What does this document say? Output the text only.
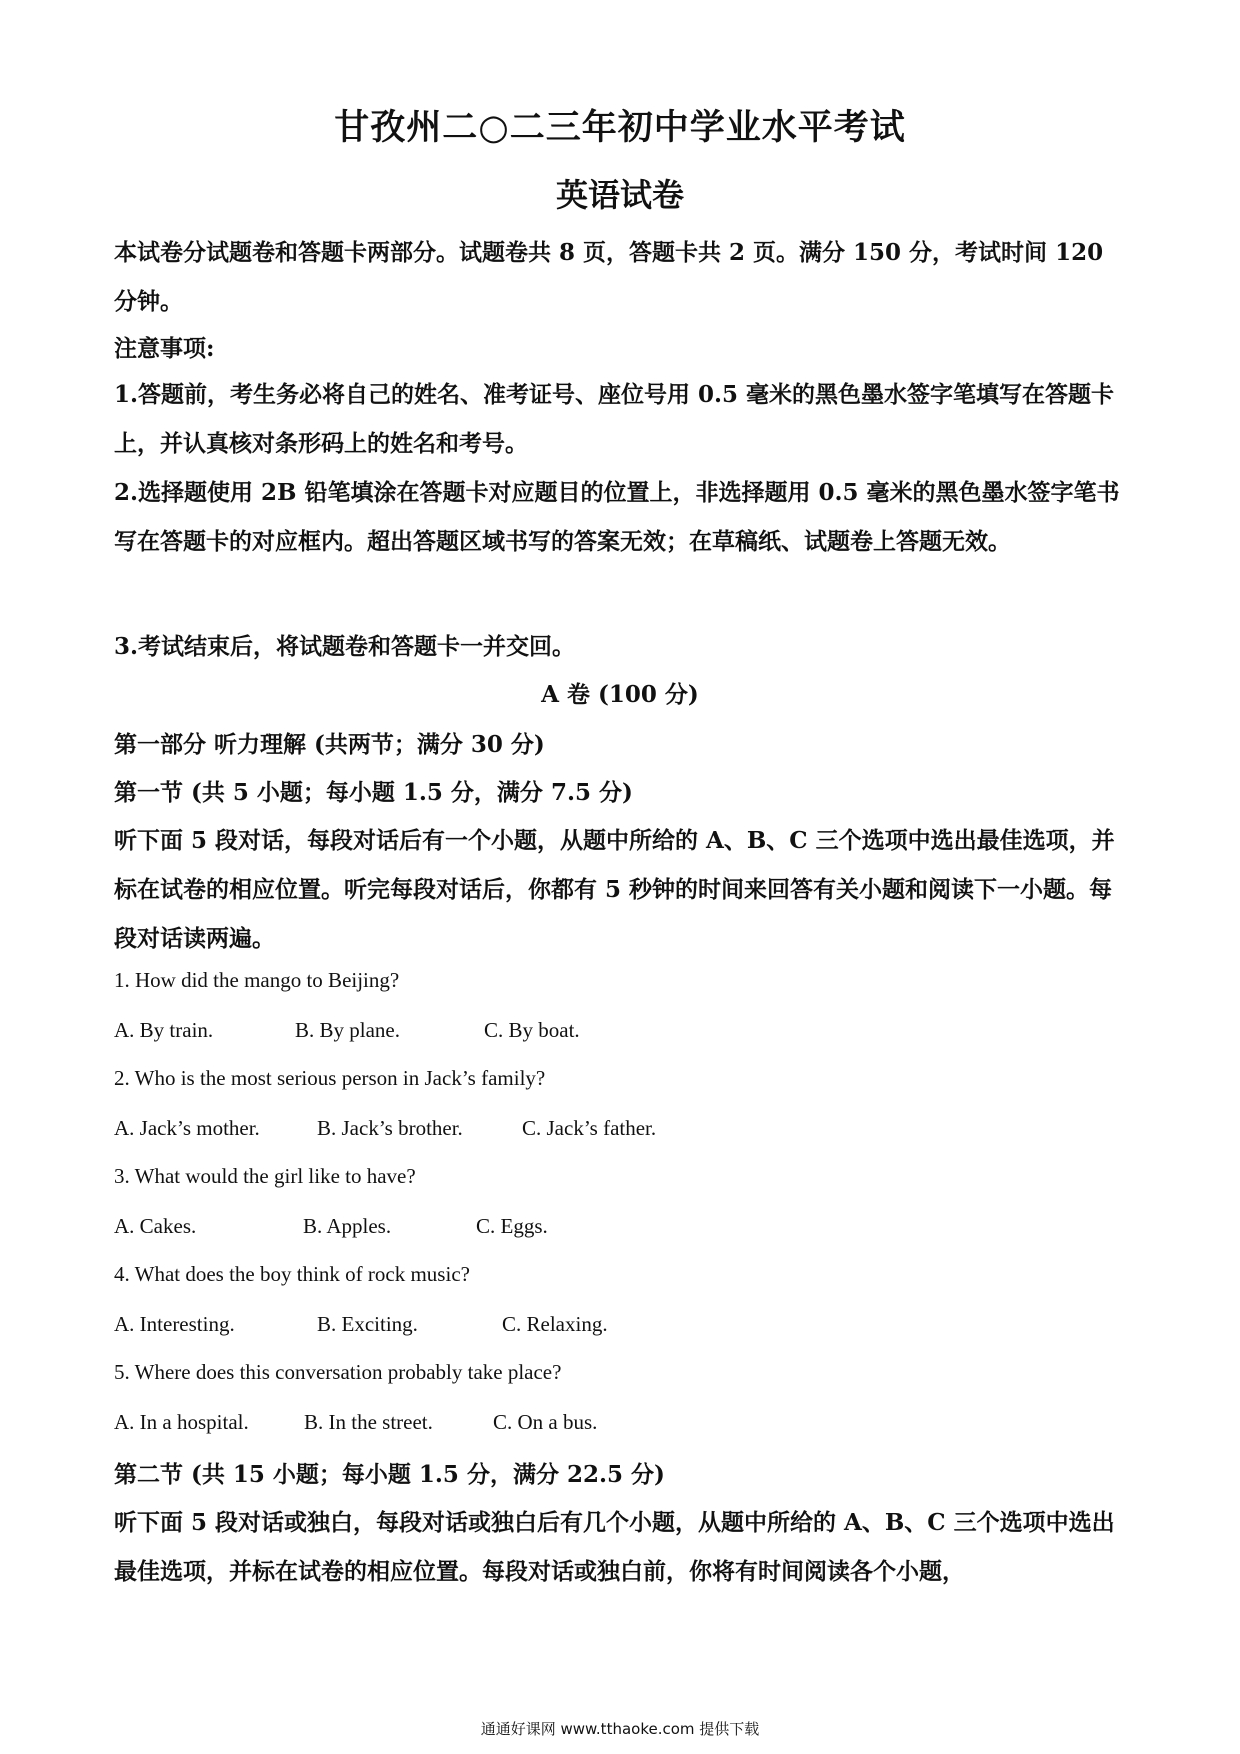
甘孜州二○二三年初中学业水平考试
英语试卷

本试卷分试题卷和答题卡两部分。试题卷共 8 页，答题卡共 2 页。满分 150 分，考试时间 120 分钟。

注意事项:

1.答题前，考生务必将自己的姓名、准考证号、座位号用 0.5 毫米的黑色墨水签字笔填写在答题卡上，并认真核对条形码上的姓名和考号。

2.选择题使用 2B 铅笔填涂在答题卡对应题目的位置上，非选择题用 0.5 毫米的黑色墨水签字笔书写在答题卡的对应框内。超出答题区域书写的答案无效；在草稿纸、试题卷上答题无效。

3.考试结束后，将试题卷和答题卡一并交回。
A 卷 (100 分)
第一部分 听力理解 (共两节；满分 30 分)
第一节 (共 5 小题；每小题 1.5 分，满分 7.5 分)

听下面 5 段对话，每段对话后有一个小题，从题中所给的 A、B、C 三个选项中选出最佳选项，并标在试卷的相应位置。听完每段对话后，你都有 5 秒钟的时间来回答有关小题和阅读下一小题。每段对话读两遍。

1. How did the mango to Beijing?
A. By train.	B. By plane.	C. By boat.
2. Who is the most serious person in Jack’s family?
A. Jack’s mother.	B. Jack’s brother.	C. Jack’s father.
3. What would the girl like to have?
A. Cakes.	B. Apples.	C. Eggs.
4. What does the boy think of rock music?
A. Interesting.	B. Exciting.	C. Relaxing.
5. Where does this conversation probably take place?
A. In a hospital.	B. In the street.	C. On a bus.
第二节 (共 15 小题；每小题 1.5 分，满分 22.5 分)

听下面 5 段对话或独白，每段对话或独白后有几个小题，从题中所给的 A、B、C 三个选项中选出最佳选项，并标在试卷的相应位置。每段对话或独白前，你将有时间阅读各个小题，

通通好课网 www.tthaoke.com 提供下载
